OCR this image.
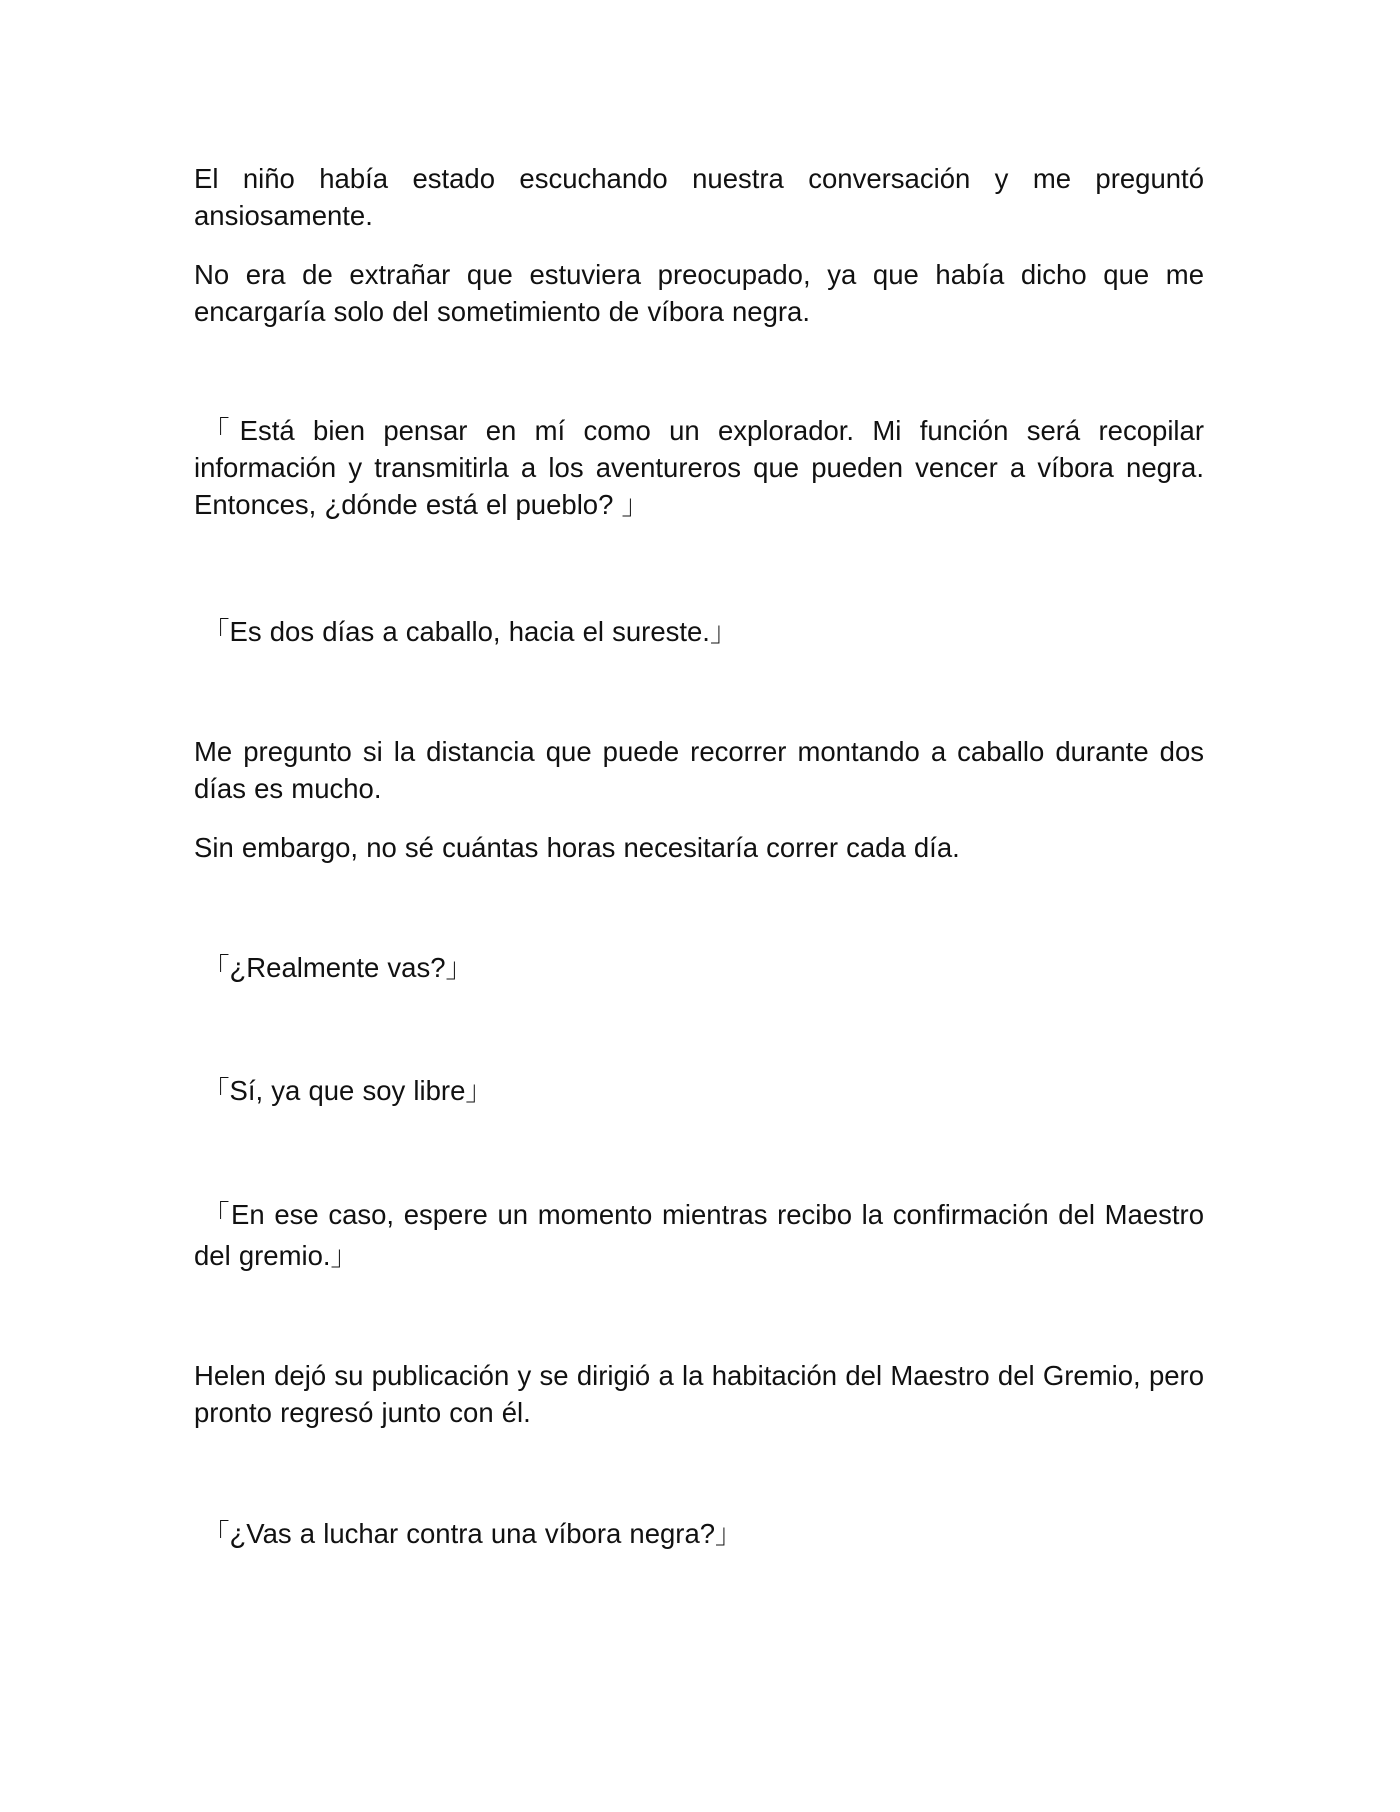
El niño había estado escuchando nuestra conversación y me preguntó ansiosamente.

No era de extrañar que estuviera preocupado, ya que había dicho que me encargaría solo del sometimiento de víbora negra.

「Está bien pensar en mí como un explorador. Mi función será recopilar información y transmitirla a los aventureros que pueden vencer a víbora negra. Entonces, ¿dónde está el pueblo? 」

「Es dos días a caballo, hacia el sureste.」

Me pregunto si la distancia que puede recorrer montando a caballo durante dos días es mucho.

Sin embargo, no sé cuántas horas necesitaría correr cada día.

「¿Realmente vas?」

「Sí, ya que soy libre」

「En ese caso, espere un momento mientras recibo la confirmación del Maestro del gremio.」

Helen dejó su publicación y se dirigió a la habitación del Maestro del Gremio, pero pronto regresó junto con él.

「¿Vas a luchar contra una víbora negra?」
